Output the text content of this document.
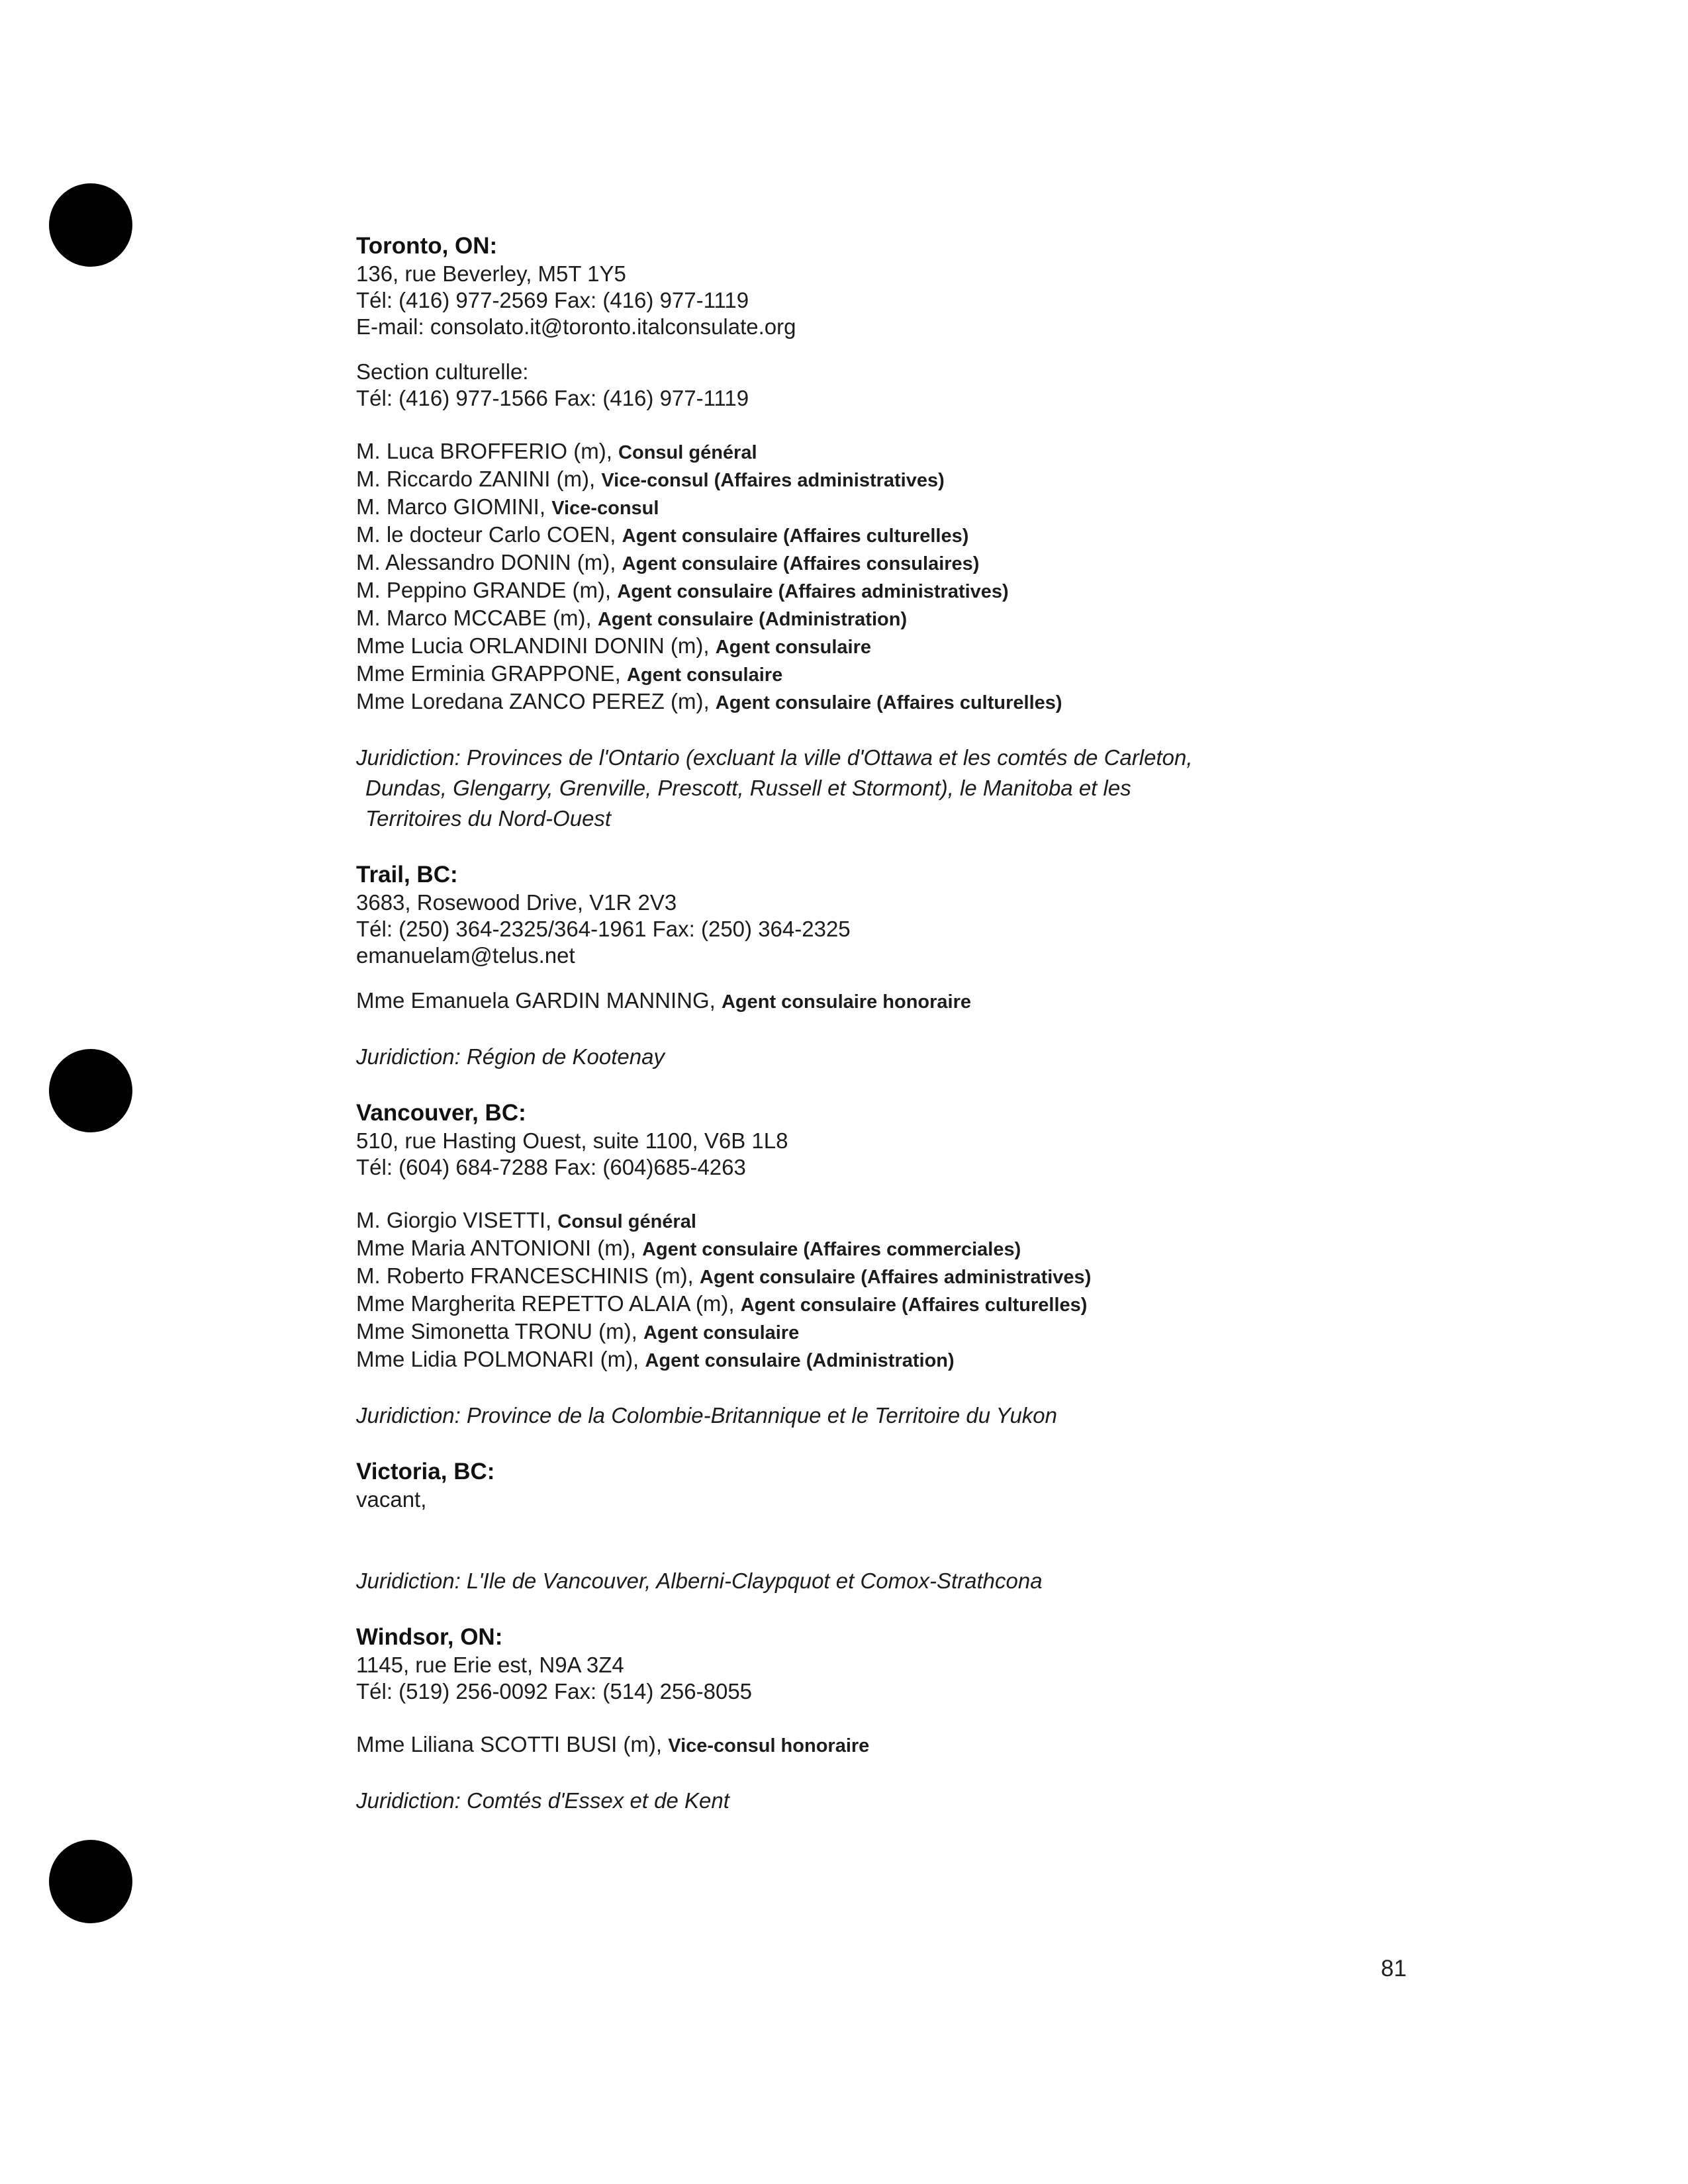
Toronto, ON:
136, rue Beverley, M5T 1Y5
Tél: (416) 977-2569 Fax: (416) 977-1119
E-mail: consolato.it@toronto.italconsulate.org
Section culturelle:
Tél: (416) 977-1566 Fax: (416) 977-1119
M. Luca BROFFERIO (m), Consul général
M. Riccardo ZANINI (m), Vice-consul (Affaires administratives)
M. Marco GIOMINI, Vice-consul
M. le docteur Carlo COEN, Agent consulaire (Affaires culturelles)
M. Alessandro DONIN (m), Agent consulaire (Affaires consulaires)
M. Peppino GRANDE (m), Agent consulaire (Affaires administratives)
M. Marco MCCABE (m), Agent consulaire (Administration)
Mme Lucia ORLANDINI DONIN (m), Agent consulaire
Mme Erminia GRAPPONE, Agent consulaire
Mme Loredana ZANCO PEREZ (m), Agent consulaire (Affaires culturelles)
Juridiction: Provinces de l'Ontario (excluant la ville d'Ottawa et les comtés de Carleton,
Dundas, Glengarry, Grenville, Prescott, Russell et Stormont), le Manitoba et les
Territoires du Nord-Ouest
Trail, BC:
3683, Rosewood Drive, V1R 2V3
Tél: (250) 364-2325/364-1961 Fax: (250) 364-2325
emanuelam@telus.net
Mme Emanuela GARDIN MANNING, Agent consulaire honoraire
Juridiction: Région de Kootenay
Vancouver, BC:
510, rue Hasting Ouest, suite 1100, V6B 1L8
Tél: (604) 684-7288 Fax: (604)685-4263
M. Giorgio VISETTI, Consul général
Mme Maria ANTONIONI (m), Agent consulaire (Affaires commerciales)
M. Roberto FRANCESCHINIS (m), Agent consulaire (Affaires administratives)
Mme Margherita REPETTO ALAIA (m), Agent consulaire (Affaires culturelles)
Mme Simonetta TRONU (m), Agent consulaire
Mme Lidia POLMONARI (m), Agent consulaire (Administration)
Juridiction: Province de la Colombie-Britannique et le Territoire du Yukon
Victoria, BC:
vacant,
Juridiction: L'Ile de Vancouver, Alberni-Claypquot et Comox-Strathcona
Windsor, ON:
1145, rue Erie est, N9A 3Z4
Tél: (519) 256-0092 Fax: (514) 256-8055
Mme Liliana SCOTTI BUSI (m), Vice-consul honoraire
Juridiction: Comtés d'Essex et de Kent
81
